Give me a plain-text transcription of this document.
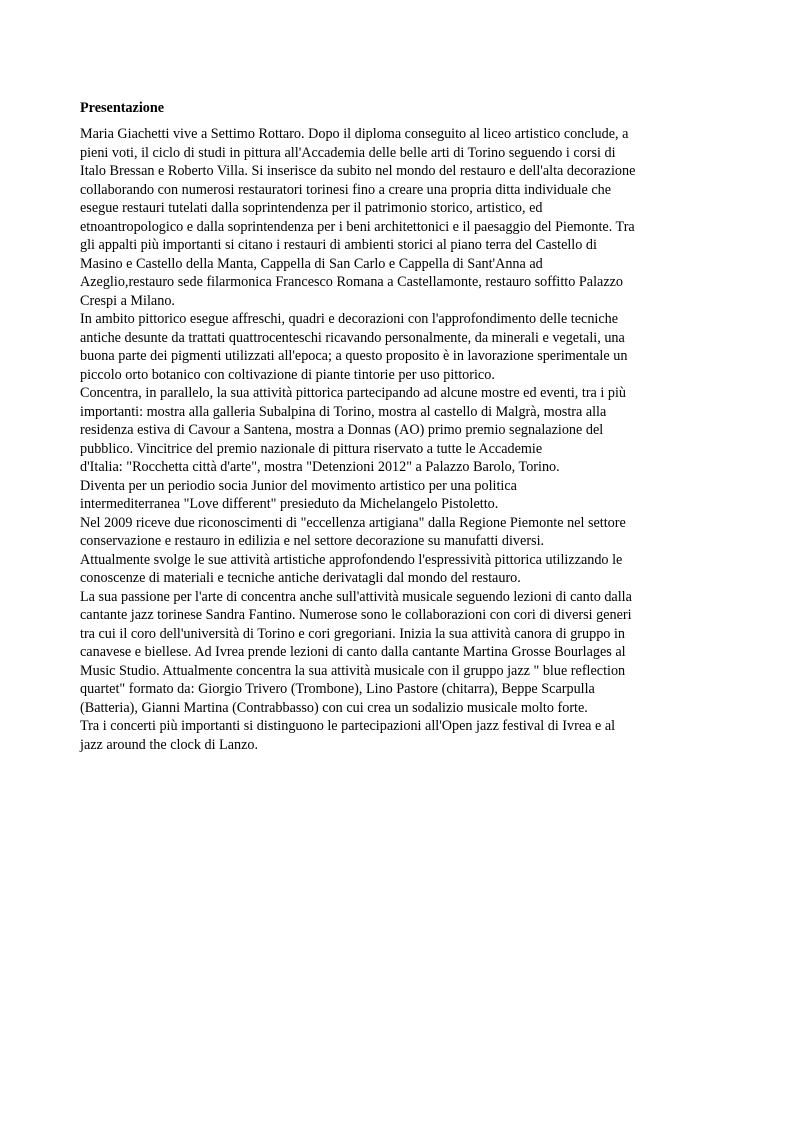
Presentazione
Maria Giachetti vive a Settimo Rottaro. Dopo il diploma conseguito al liceo artistico conclude, a
pieni voti, il ciclo di studi in pittura all'Accademia delle belle arti di Torino seguendo i corsi di
Italo Bressan e Roberto Villa. Si inserisce da subito nel mondo del restauro e dell'alta decorazione
collaborando con numerosi restauratori torinesi fino a creare una propria ditta individuale che
esegue restauri tutelati dalla soprintendenza per il patrimonio storico, artistico, ed
etnoantropologico e dalla soprintendenza per i beni architettonici e il paesaggio del Piemonte. Tra
gli appalti più importanti si citano i restauri di ambienti storici al piano terra del Castello di
Masino e Castello della Manta, Cappella di San Carlo e Cappella di Sant'Anna ad
Azeglio,restauro sede filarmonica Francesco Romana a Castellamonte, restauro soffitto Palazzo
Crespi a Milano.
In ambito pittorico esegue affreschi, quadri e decorazioni con l'approfondimento delle tecniche
antiche desunte da trattati quattrocenteschi ricavando personalmente, da minerali e vegetali, una
buona parte dei pigmenti utilizzati all'epoca; a questo proposito è in lavorazione sperimentale un
piccolo orto botanico con coltivazione di piante tintorie per uso pittorico.
Concentra, in parallelo, la sua attività pittorica partecipando ad alcune mostre ed eventi, tra i più
importanti: mostra alla galleria Subalpina di Torino, mostra al castello di Malgrà, mostra alla
residenza estiva di Cavour a Santena, mostra a Donnas (AO) primo premio segnalazione del
pubblico. Vincitrice del premio nazionale di pittura riservato a tutte le Accademie
d'Italia: "Rocchetta città d'arte", mostra "Detenzioni 2012" a Palazzo Barolo, Torino.
Diventa per un periodio socia Junior del movimento artistico per una politica
intermediterranea "Love different" presieduto da Michelangelo Pistoletto.
Nel 2009 riceve due riconoscimenti di "eccellenza artigiana" dalla Regione Piemonte nel settore
conservazione e restauro in edilizia e nel settore decorazione su manufatti diversi.
Attualmente svolge le sue attività artistiche approfondendo l'espressività pittorica utilizzando le
conoscenze di materiali e tecniche antiche derivatagli dal mondo del restauro.
La sua passione per l'arte di concentra anche sull'attività musicale seguendo lezioni di canto dalla
cantante jazz torinese Sandra Fantino. Numerose sono le collaborazioni con cori di diversi generi
tra cui il coro dell'università di Torino e cori gregoriani. Inizia la sua attività canora di gruppo in
canavese e biellese. Ad Ivrea prende lezioni di canto dalla cantante Martina Grosse Bourlages al
Music Studio. Attualmente concentra la sua attività musicale con il gruppo jazz " blue reflection
quartet" formato da: Giorgio Trivero (Trombone), Lino Pastore (chitarra), Beppe Scarpulla
(Batteria), Gianni Martina (Contrabbasso) con cui crea un sodalizio musicale molto forte.
Tra i concerti più importanti si distinguono le partecipazioni all'Open jazz festival di Ivrea e al
jazz around the clock di Lanzo.
